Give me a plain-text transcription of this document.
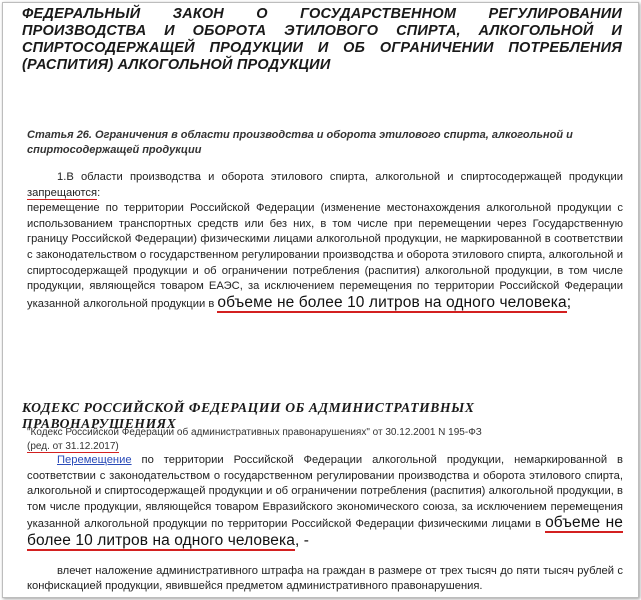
ФЕДЕРАЛЬНЫЙ ЗАКОН О ГОСУДАРСТВЕННОМ РЕГУЛИРОВАНИИ ПРОИЗВОДСТВА И ОБОРОТА ЭТИЛОВОГО СПИРТА, АЛКОГОЛЬНОЙ И СПИРТОСОДЕРЖАЩЕЙ ПРОДУКЦИИ И ОБ ОГРАНИЧЕНИИ ПОТРЕБЛЕНИЯ (РАСПИТИЯ) АЛКОГОЛЬНОЙ ПРОДУКЦИИ
Статья 26. Ограничения в области производства и оборота этилового спирта, алкогольной и спиртосодержащей продукции
1.В области производства и оборота этилового спирта, алкогольной и спиртосодержащей продукции запрещаются:
перемещение по территории Российской Федерации (изменение местонахождения алкогольной продукции с использованием транспортных средств или без них, в том числе при перемещении через Государственную границу Российской Федерации) физическими лицами алкогольной продукции, не маркированной в соответствии с законодательством о государственном регулировании производства и оборота этилового спирта, алкогольной и спиртосодержащей продукции и об ограничении потребления (распития) алкогольной продукции, в том числе продукции, являющейся товаром ЕАЭС, за исключением перемещения по территории Российской Федерации указанной алкогольной продукции в объеме не более 10 литров на одного человека;
КОДЕКС РОССИЙСКОЙ ФЕДЕРАЦИИ ОБ АДМИНИСТРАТИВНЫХ ПРАВОНАРУШЕНИЯХ
"Кодекс Российской Федерации об административных правонарушениях" от 30.12.2001 N 195-ФЗ
(ред. от 31.12.2017)
Перемещение по территории Российской Федерации алкогольной продукции, немаркированной в соответствии с законодательством о государственном регулировании производства и оборота этилового спирта, алкогольной и спиртосодержащей продукции и об ограничении потребления (распития) алкогольной продукции, в том числе продукции, являющейся товаром Евразийского экономического союза, за исключением перемещения указанной алкогольной продукции по территории Российской Федерации физическими лицами в объеме не более 10 литров на одного человека, -
влечет наложение административного штрафа на граждан в размере от трех тысяч до пяти тысяч рублей с конфискацией продукции, явившейся предметом административного правонарушения.
